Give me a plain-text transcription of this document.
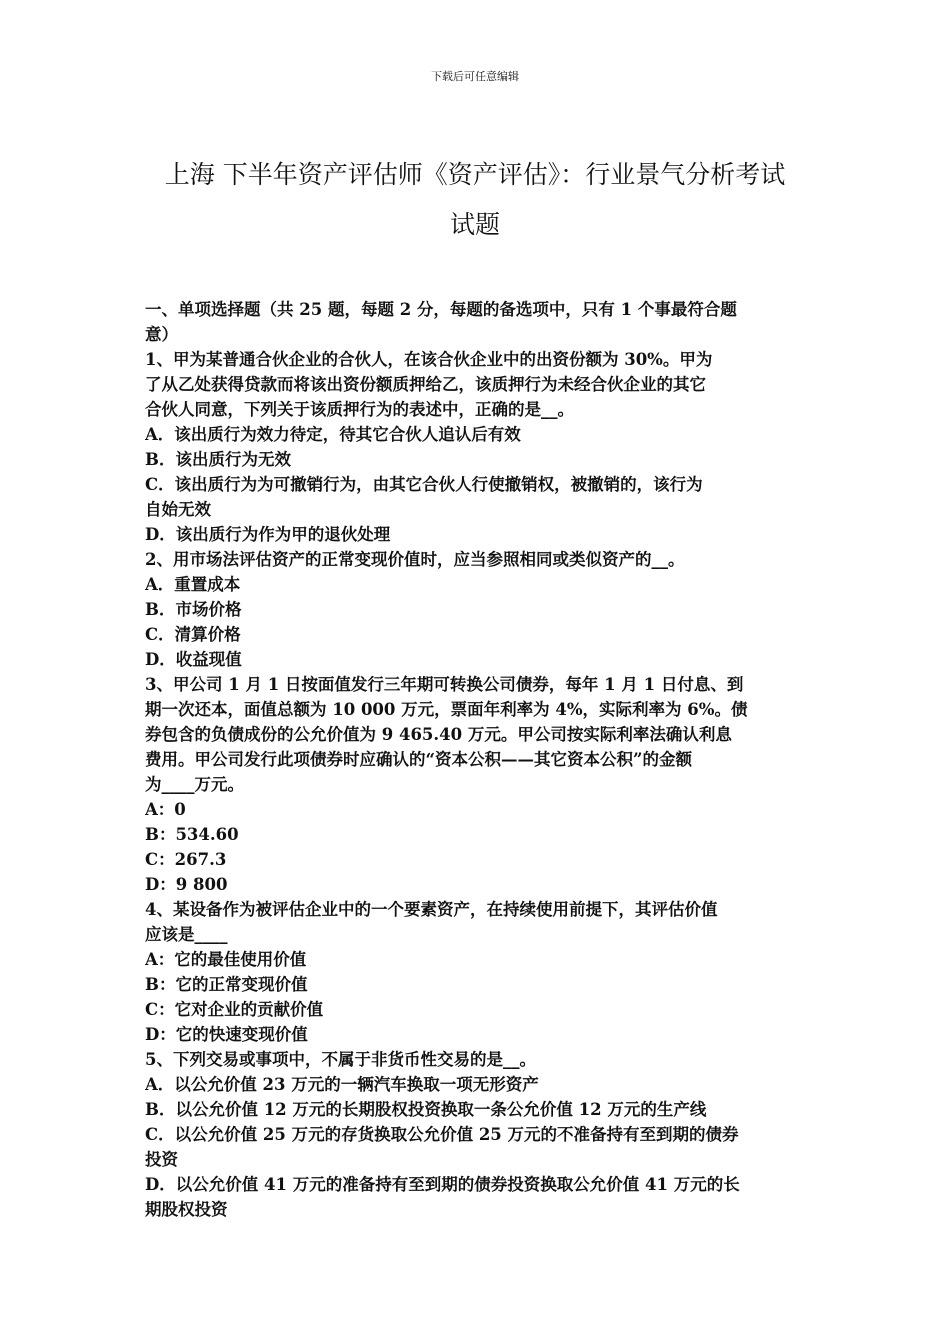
下载后可任意编辑
上海 下半年资产评估师《资产评估》：行业景气分析考试
试题
一、单项选择题（共 25 题，每题 2 分，每题的备选项中，只有 1 个事最符合题
意）
1、甲为某普通合伙企业的合伙人，在该合伙企业中的出资份额为 30%。甲为
了从乙处获得贷款而将该出资份额质押给乙，该质押行为未经合伙企业的其它
合伙人同意，下列关于该质押行为的表述中，正确的是__。
A．该出质行为效力待定，待其它合伙人追认后有效
B．该出质行为无效
C．该出质行为为可撤销行为，由其它合伙人行使撤销权，被撤销的，该行为
自始无效
D．该出质行为作为甲的退伙处理
2、用市场法评估资产的正常变现价值时，应当参照相同或类似资产的__。
A．重置成本
B．市场价格
C．清算价格
D．收益现值
3、甲公司 1 月 1 日按面值发行三年期可转换公司债券，每年 1 月 1 日付息、到
期一次还本，面值总额为 10 000 万元，票面年利率为 4%，实际利率为 6%。债
券包含的负债成份的公允价值为 9 465.40 万元。甲公司按实际利率法确认利息
费用。甲公司发行此项债券时应确认的“资本公积——其它资本公积”的金额
为____万元。
A：0
B：534.60
C：267.3
D：9 800
4、某设备作为被评估企业中的一个要素资产，在持续使用前提下，其评估价值
应该是____
A：它的最佳使用价值
B：它的正常变现价值
C：它对企业的贡献价值
D：它的快速变现价值
5、下列交易或事项中，不属于非货币性交易的是__。
A．以公允价值 23 万元的一辆汽车换取一项无形资产
B．以公允价值 12 万元的长期股权投资换取一条公允价值 12 万元的生产线
C．以公允价值 25 万元的存货换取公允价值 25 万元的不准备持有至到期的债券
投资
D．以公允价值 41 万元的准备持有至到期的债券投资换取公允价值 41 万元的长
期股权投资
